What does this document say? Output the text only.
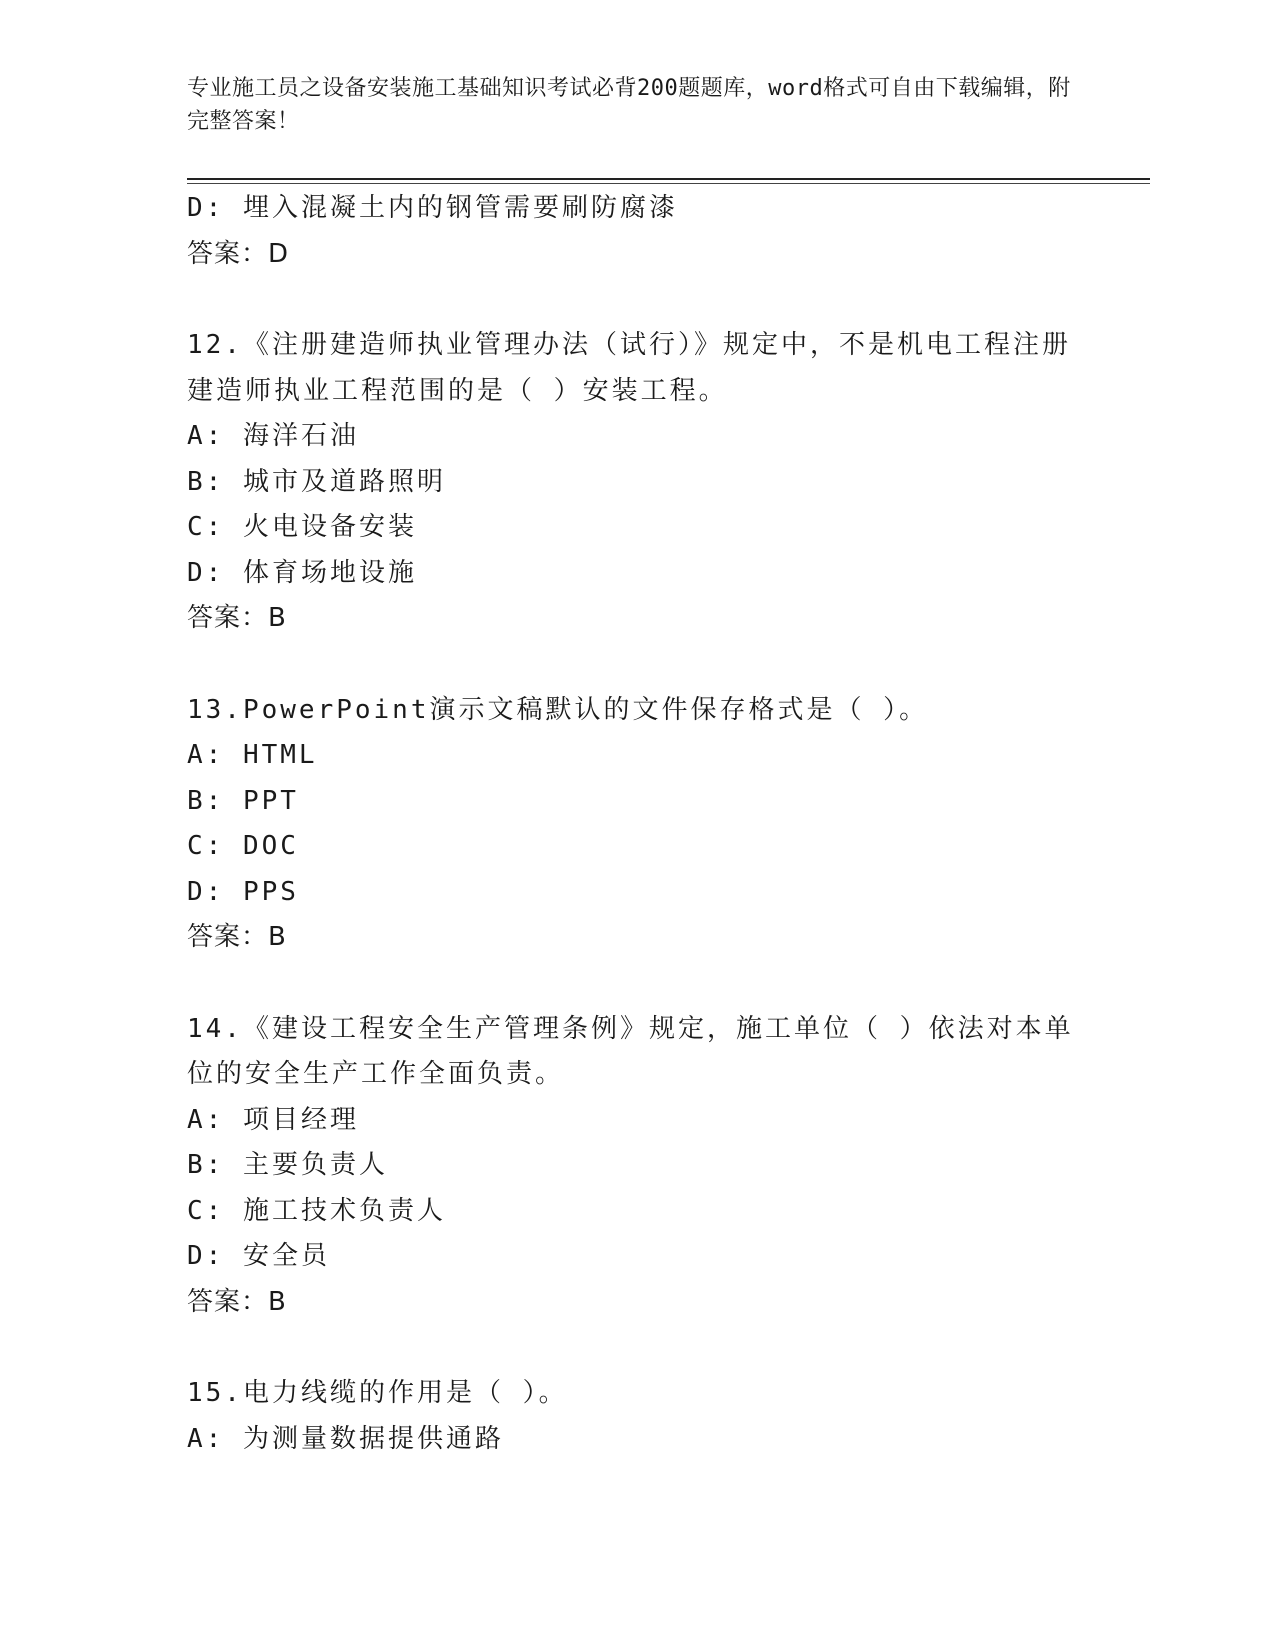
专业施工员之设备安装施工基础知识考试必背200题题库，word格式可自由下载编辑，附完整答案！
D: 埋入混凝土内的钢管需要刷防腐漆
答案：D
12.《注册建造师执业管理办法（试行）》规定中，不是机电工程注册建造师执业工程范围的是（ ）安装工程。
A: 海洋石油
B: 城市及道路照明
C: 火电设备安装
D: 体育场地设施
答案：B
13.PowerPoint演示文稿默认的文件保存格式是（ ）。
A: HTML
B: PPT
C: DOC
D: PPS
答案：B
14.《建设工程安全生产管理条例》规定，施工单位（ ）依法对本单位的安全生产工作全面负责。
A: 项目经理
B: 主要负责人
C: 施工技术负责人
D: 安全员
答案：B
15.电力线缆的作用是（ ）。
A: 为测量数据提供通路
